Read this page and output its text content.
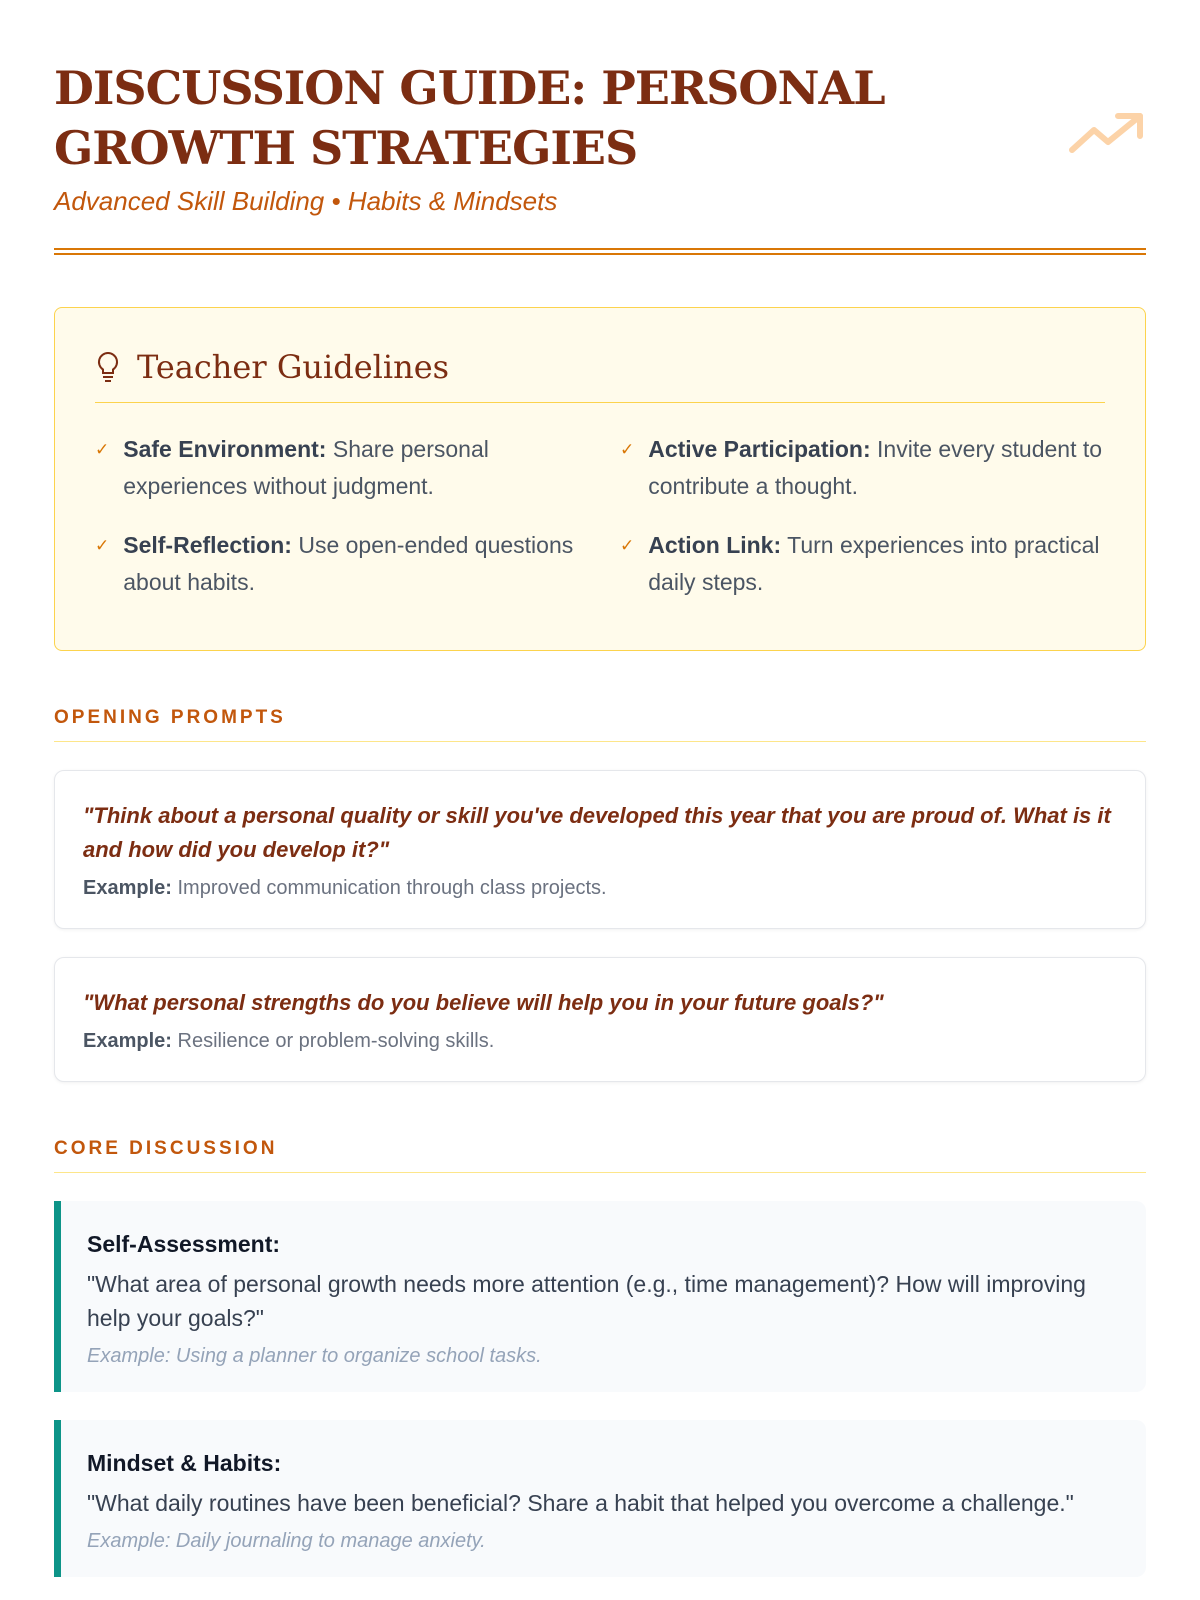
DISCUSSION GUIDE: PERSONAL GROWTH STRATEGIES
Advanced Skill Building • Habits & Mindsets
Teacher Guidelines
✓ Safe Environment: Share personal experiences without judgment.
✓ Active Participation: Invite every student to contribute a thought.
✓ Self-Reflection: Use open-ended questions about habits.
✓ Action Link: Turn experiences into practical daily steps.
OPENING PROMPTS
"Think about a personal quality or skill you've developed this year that you are proud of. What is it and how did you develop it?"
Example: Improved communication through class projects.
"What personal strengths do you believe will help you in your future goals?"
Example: Resilience or problem-solving skills.
CORE DISCUSSION
Self-Assessment:
"What area of personal growth needs more attention (e.g., time management)? How will improving help your goals?"
Example: Using a planner to organize school tasks.
Mindset & Habits:
"What daily routines have been beneficial? Share a habit that helped you overcome a challenge."
Example: Daily journaling to manage anxiety.
